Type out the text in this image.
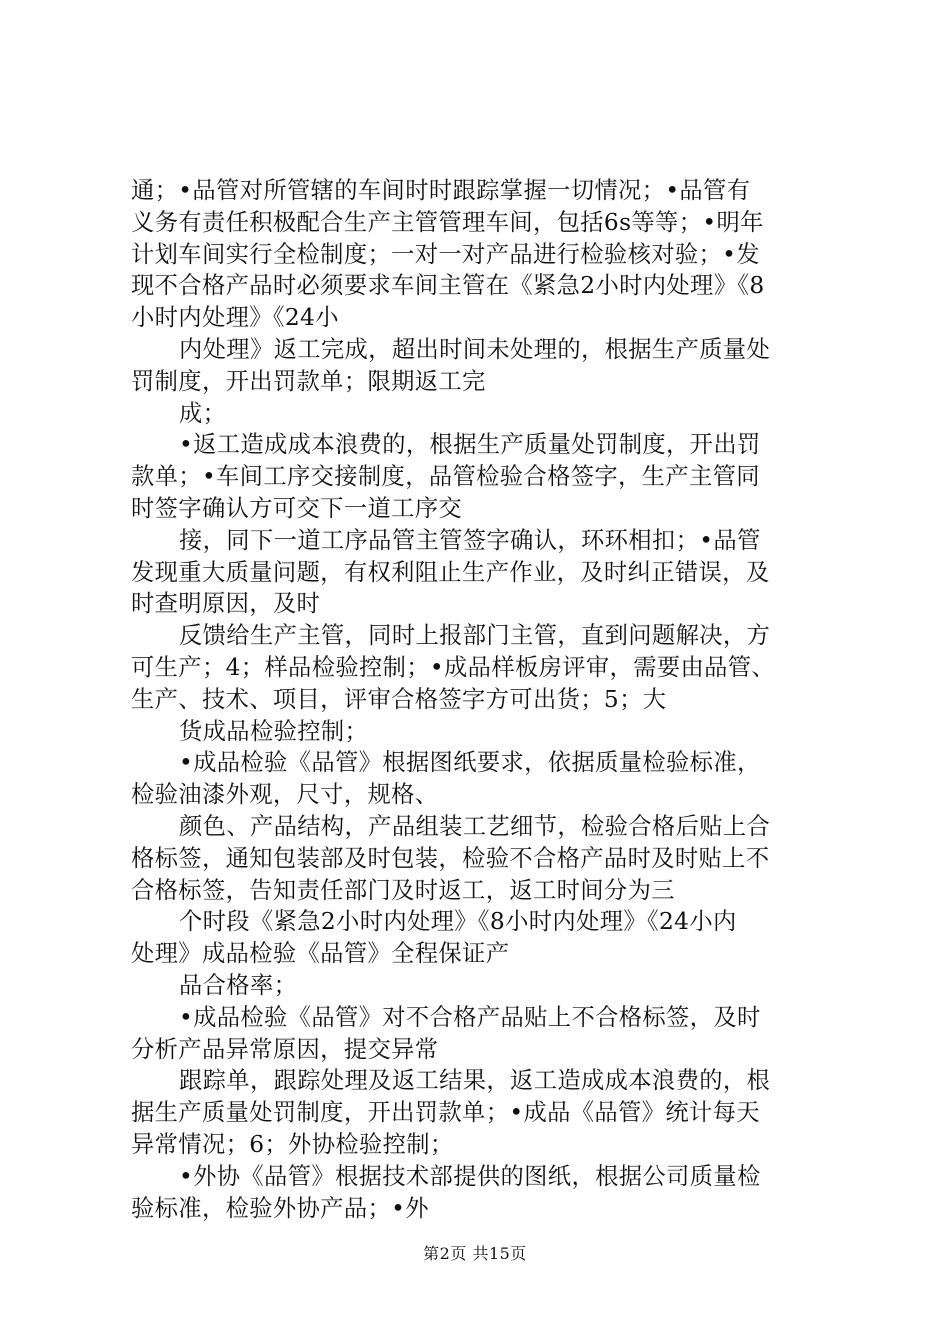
通；•品管对所管辖的车间时时跟踪掌握一切情况；•品管有
义务有责任积极配合生产主管管理车间，包括6s等等；•明年
计划车间实行全检制度；一对一对产品进行检验核对验；•发
现不合格产品时必须要求车间主管在《紧急2小时内处理》《8
小时内处理》《24小
内处理》返工完成，超出时间未处理的，根据生产质量处
罚制度，开出罚款单；限期返工完
成；
•返工造成成本浪费的，根据生产质量处罚制度，开出罚
款单；•车间工序交接制度，品管检验合格签字，生产主管同
时签字确认方可交下一道工序交
接，同下一道工序品管主管签字确认，环环相扣；•品管
发现重大质量问题，有权利阻止生产作业，及时纠正错误，及
时查明原因，及时
反馈给生产主管，同时上报部门主管，直到问题解决，方
可生产；4；样品检验控制；•成品样板房评审，需要由品管、
生产、技术、项目，评审合格签字方可出货；5；大
货成品检验控制；
•成品检验《品管》根据图纸要求，依据质量检验标准，
检验油漆外观，尺寸，规格、
颜色、产品结构，产品组装工艺细节，检验合格后贴上合
格标签，通知包装部及时包装，检验不合格产品时及时贴上不
合格标签，告知责任部门及时返工，返工时间分为三
个时段《紧急2小时内处理》《8小时内处理》《24小内
处理》成品检验《品管》全程保证产
品合格率；
•成品检验《品管》对不合格产品贴上不合格标签，及时
分析产品异常原因，提交异常
跟踪单，跟踪处理及返工结果，返工造成成本浪费的，根
据生产质量处罚制度，开出罚款单；•成品《品管》统计每天
异常情况；6；外协检验控制；
•外协《品管》根据技术部提供的图纸，根据公司质量检
验标准，检验外协产品；•外
第2页 共15页
